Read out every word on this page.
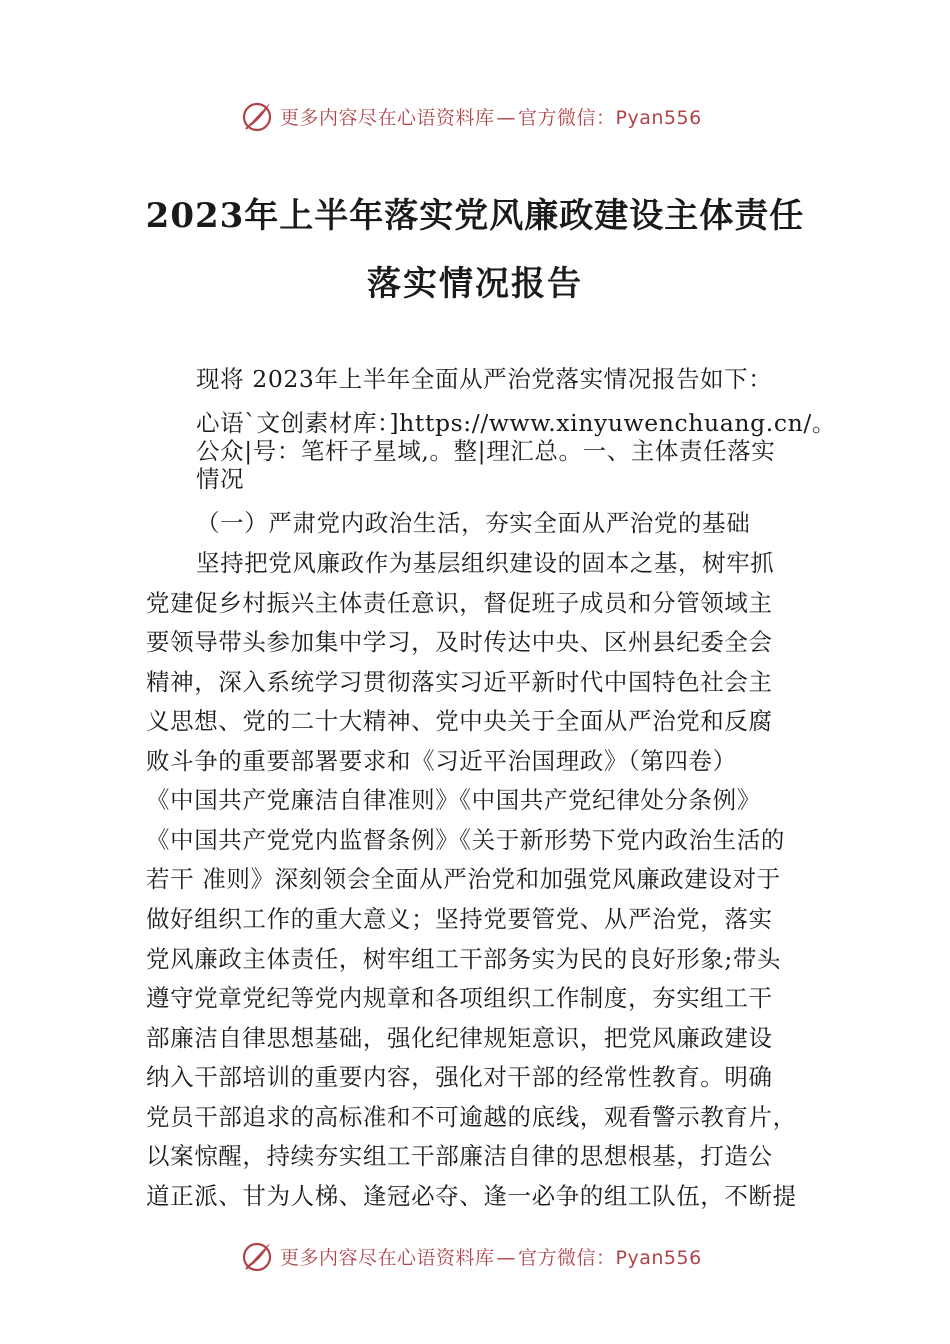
更多内容尽在心语资料库 — 官方微信：Pyan556
2023年上半年落实党风廉政建设主体责任
落实情况报告
现将 2023年上半年全面从严治党落实情况报告如下：
心语`文创素材库：]https://www.xinyuwenchuang.cn/。
公众|号：笔杆子星域,。整|理汇总。一、主体责任落实
情况
（一）严肃党内政治生活，夯实全面从严治党的基础
坚持把党风廉政作为基层组织建设的固本之基，树牢抓
党建促乡村振兴主体责任意识，督促班子成员和分管领域主
要领导带头参加集中学习，及时传达中央、区州县纪委全会
精神，深入系统学习贯彻落实习近平新时代中国特色社会主
义思想、党的二十大精神、党中央关于全面从严治党和反腐
败斗争的重要部署要求和《习近平治国理政》（第四卷）
《中国共产党廉洁自律准则》《中国共产党纪律处分条例》
《中国共产党党内监督条例》《关于新形势下党内政治生活的
若干 准则》深刻领会全面从严治党和加强党风廉政建设对于
做好组织工作的重大意义；坚持党要管党、从严治党，落实
党风廉政主体责任，树牢组工干部务实为民的良好形象;带头
遵守党章党纪等党内规章和各项组织工作制度，夯实组工干
部廉洁自律思想基础，强化纪律规矩意识，把党风廉政建设
纳入干部培训的重要内容，强化对干部的经常性教育。明确
党员干部追求的高标准和不可逾越的底线，观看警示教育片，
以案惊醒，持续夯实组工干部廉洁自律的思想根基，打造公
道正派、甘为人梯、逢冠必夺、逢一必争的组工队伍，不断提
更多内容尽在心语资料库 — 官方微信：Pyan556
